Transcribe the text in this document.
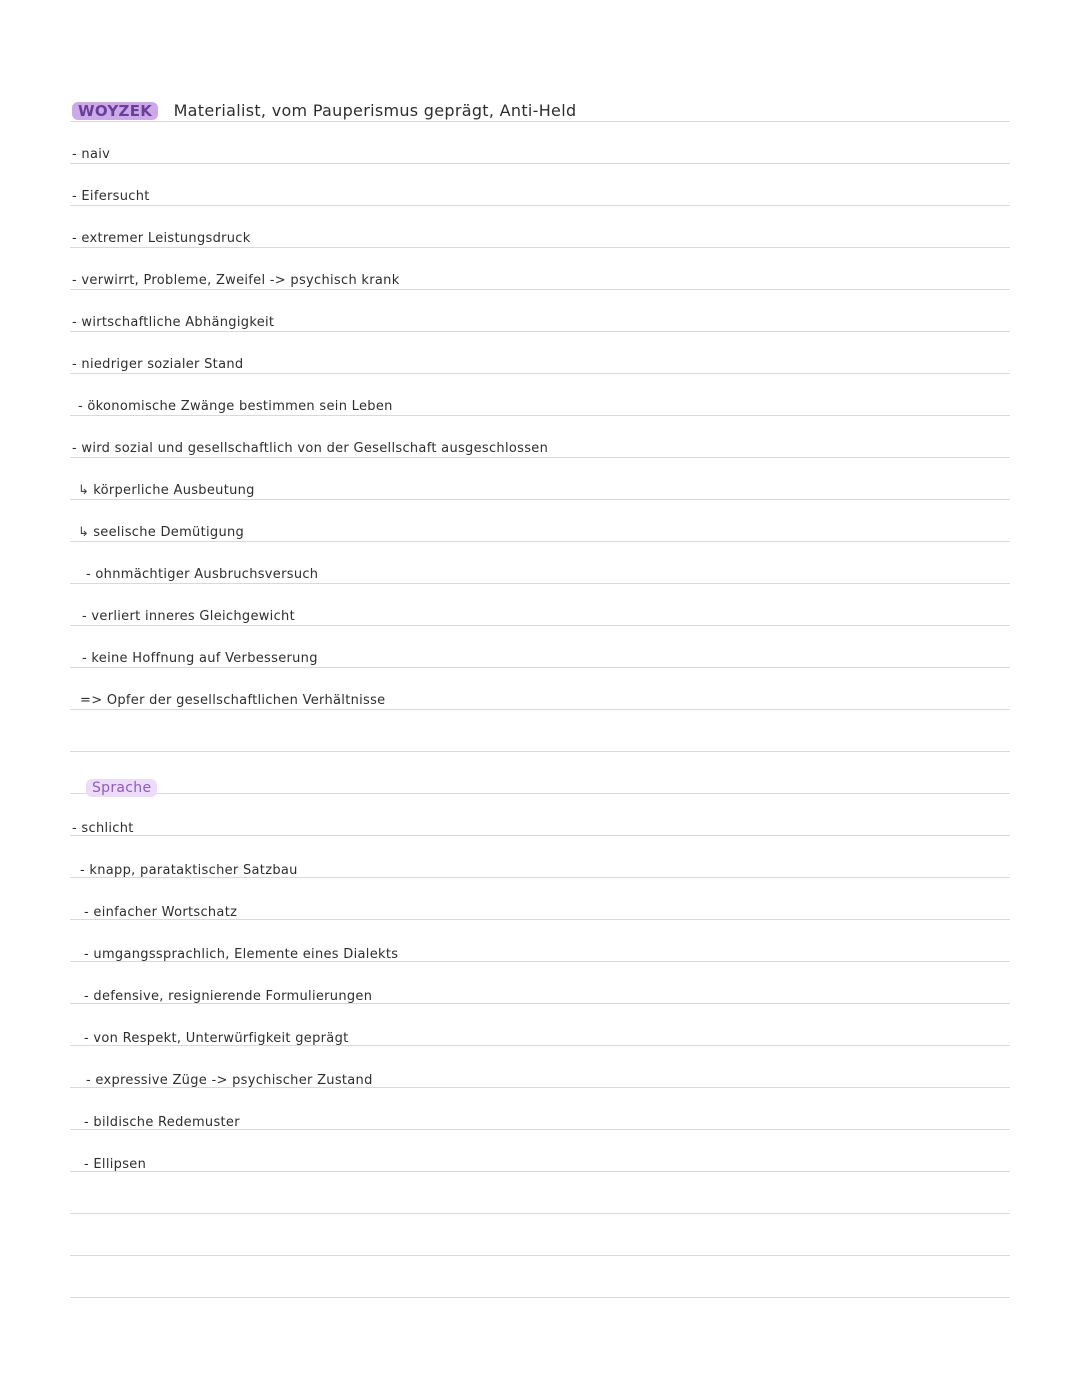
WOYZEK Materialist, vom Pauperismus geprägt, Anti-Held
- naiv
- Eifersucht
- extremer Leistungsdruck
- verwirrt, Probleme, Zweifel -> psychisch krank
- wirtschaftliche Abhängigkeit
- niedriger sozialer Stand
- ökonomische Zwänge bestimmen sein Leben
- wird sozial und gesellschaftlich von der Gesellschaft ausgeschlossen
↳ körperliche Ausbeutung
↳ seelische Demütigung
- ohnmächtiger Ausbruchsversuch
- verliert inneres Gleichgewicht
- keine Hoffnung auf Verbesserung
=> Opfer der gesellschaftlichen Verhältnisse
Sprache
- schlicht
- knapp, parataktischer Satzbau
- einfacher Wortschatz
- umgangssprachlich, Elemente eines Dialekts
- defensive, resignierende Formulierungen
- von Respekt, Unterwürfigkeit geprägt
- expressive Züge -> psychischer Zustand
- bildische Redemuster
- Ellipsen
